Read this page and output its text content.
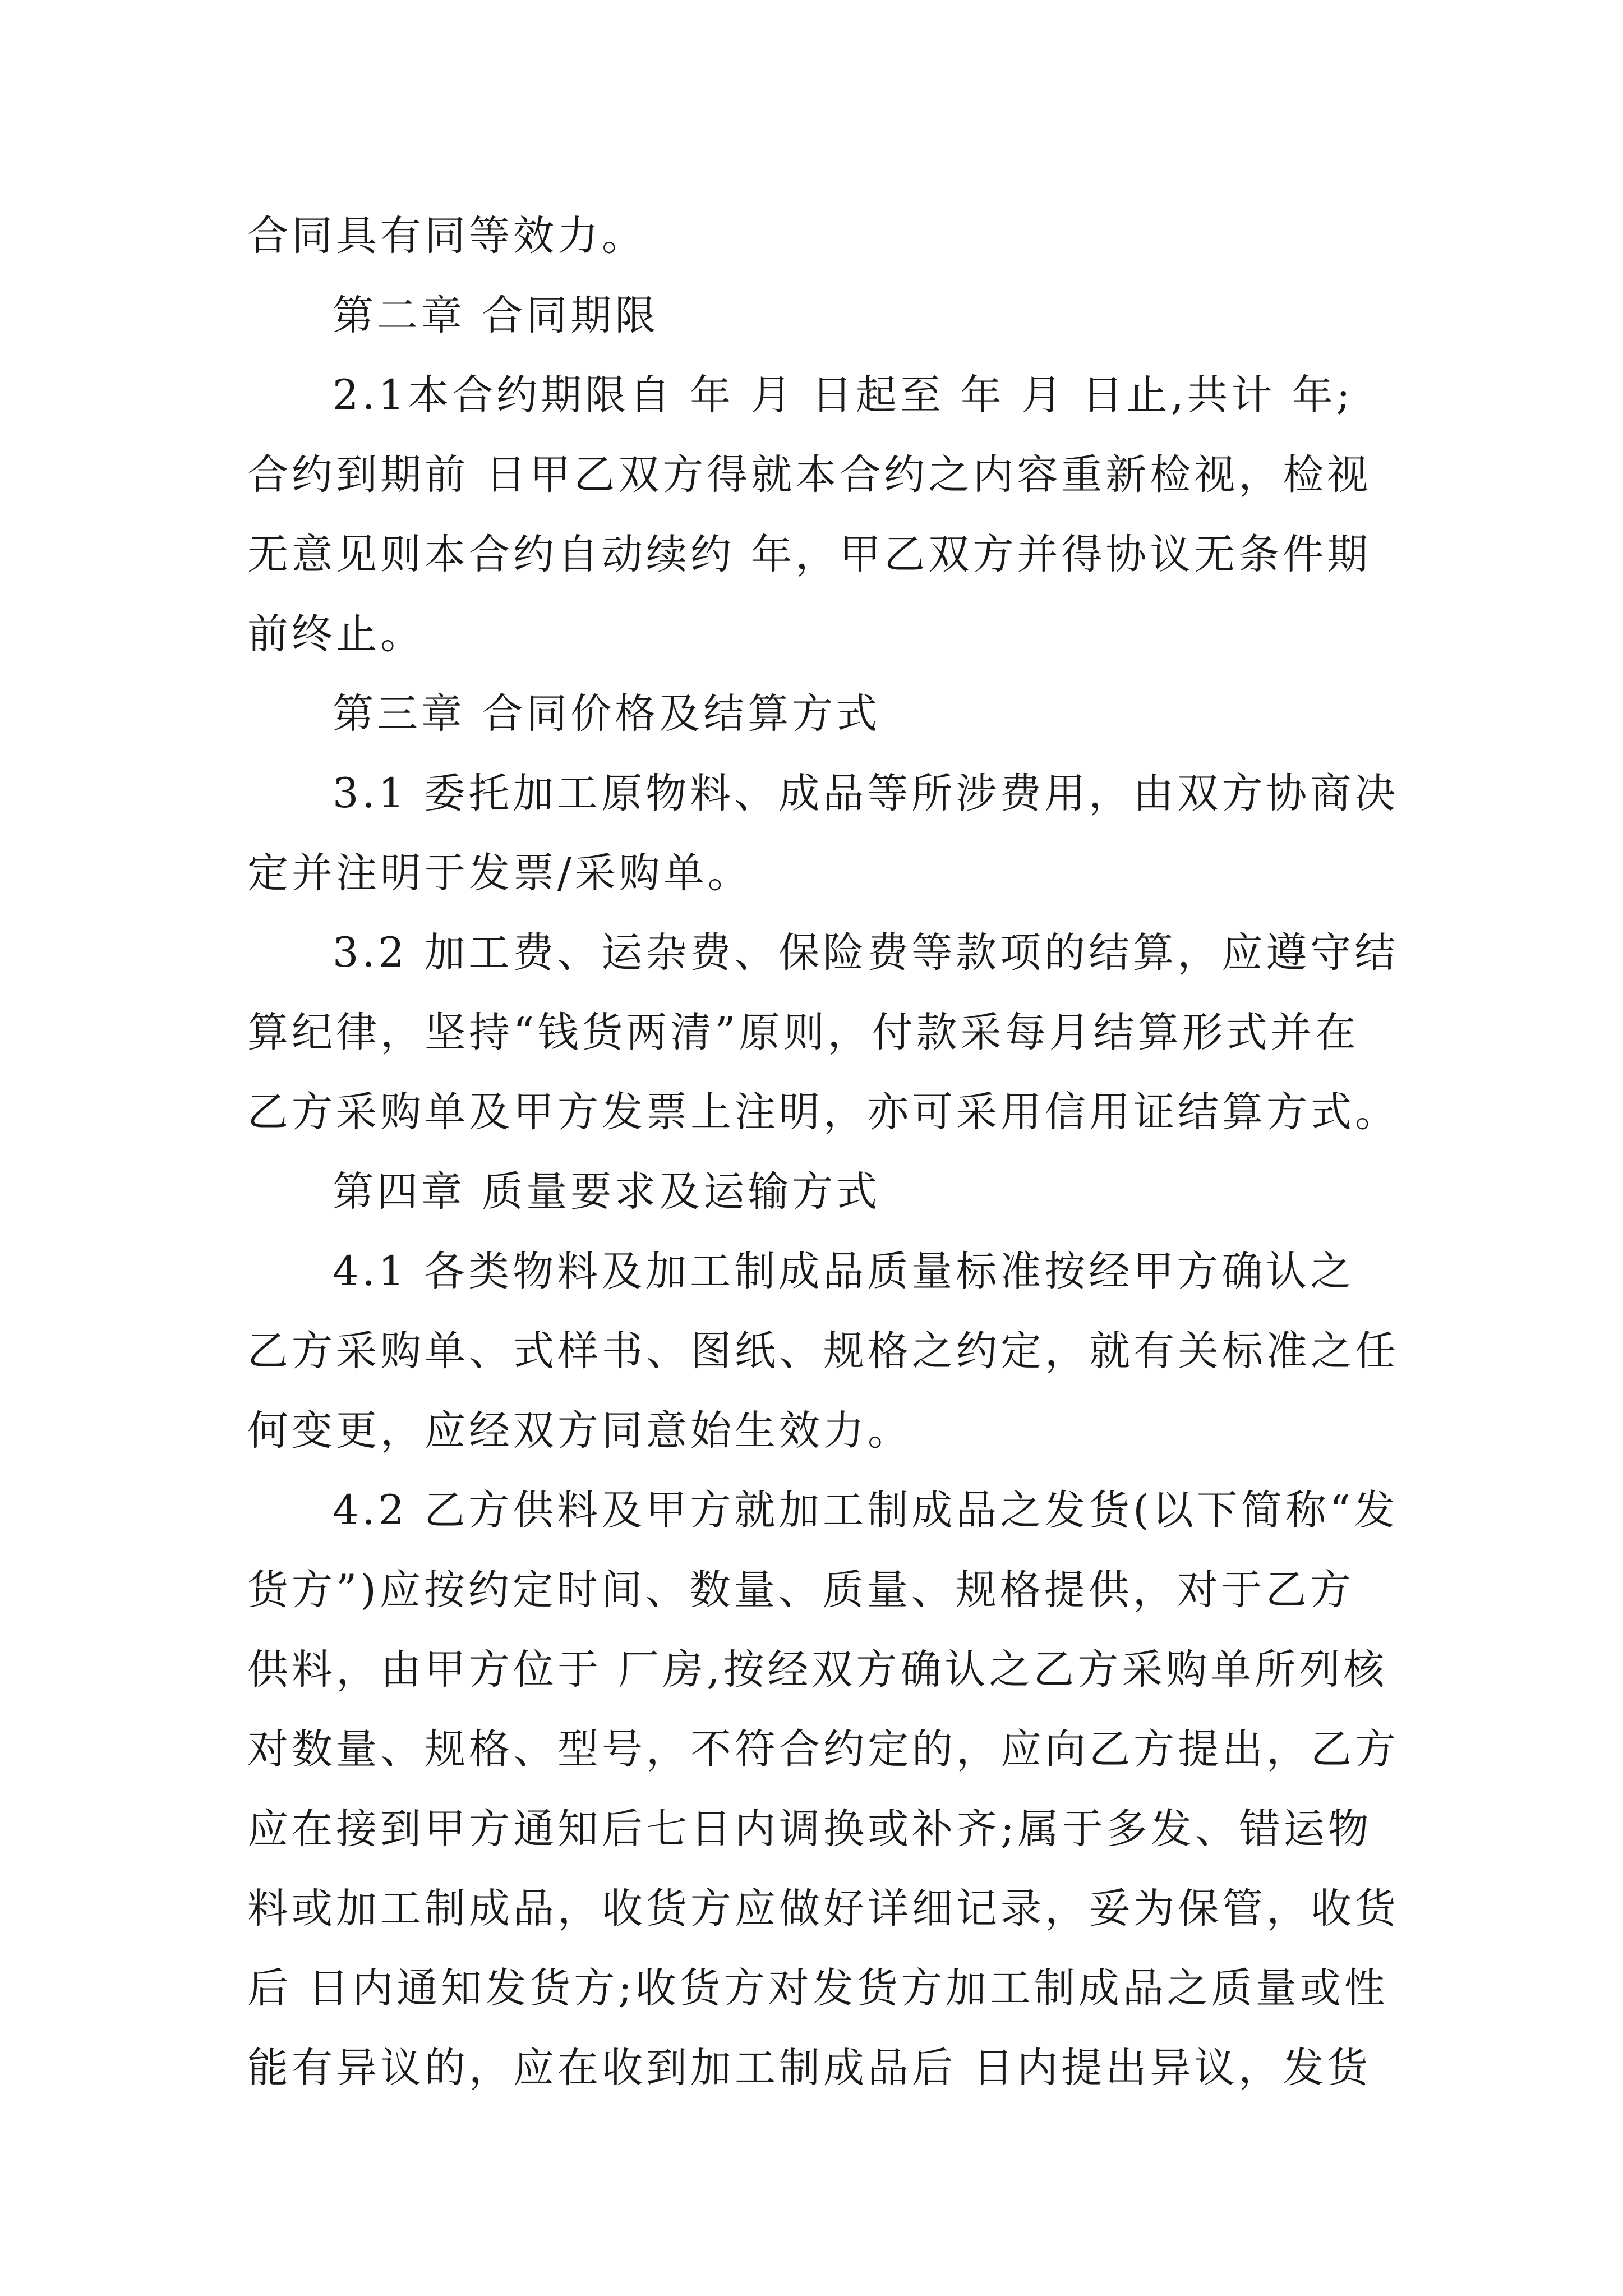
合同具有同等效力。
第二章 合同期限
2.1本合约期限自 年 月 日起至 年 月 日止,共计 年;
合约到期前 日甲乙双方得就本合约之内容重新检视，检视
无意见则本合约自动续约 年，甲乙双方并得协议无条件期
前终止。
第三章 合同价格及结算方式
3.1 委托加工原物料、成品等所涉费用，由双方协商决
定并注明于发票/采购单。
3.2 加工费、运杂费、保险费等款项的结算，应遵守结
算纪律，坚持“钱货两清”原则，付款采每月结算形式并在
乙方采购单及甲方发票上注明，亦可采用信用证结算方式。
第四章 质量要求及运输方式
4.1 各类物料及加工制成品质量标准按经甲方确认之
乙方采购单、式样书、图纸、规格之约定，就有关标准之任
何变更，应经双方同意始生效力。
4.2 乙方供料及甲方就加工制成品之发货(以下简称“发
货方”)应按约定时间、数量、质量、规格提供，对于乙方
供料，由甲方位于 厂房,按经双方确认之乙方采购单所列核
对数量、规格、型号，不符合约定的，应向乙方提出，乙方
应在接到甲方通知后七日内调换或补齐;属于多发、错运物
料或加工制成品，收货方应做好详细记录，妥为保管，收货
后 日内通知发货方;收货方对发货方加工制成品之质量或性
能有异议的，应在收到加工制成品后 日内提出异议，发货
